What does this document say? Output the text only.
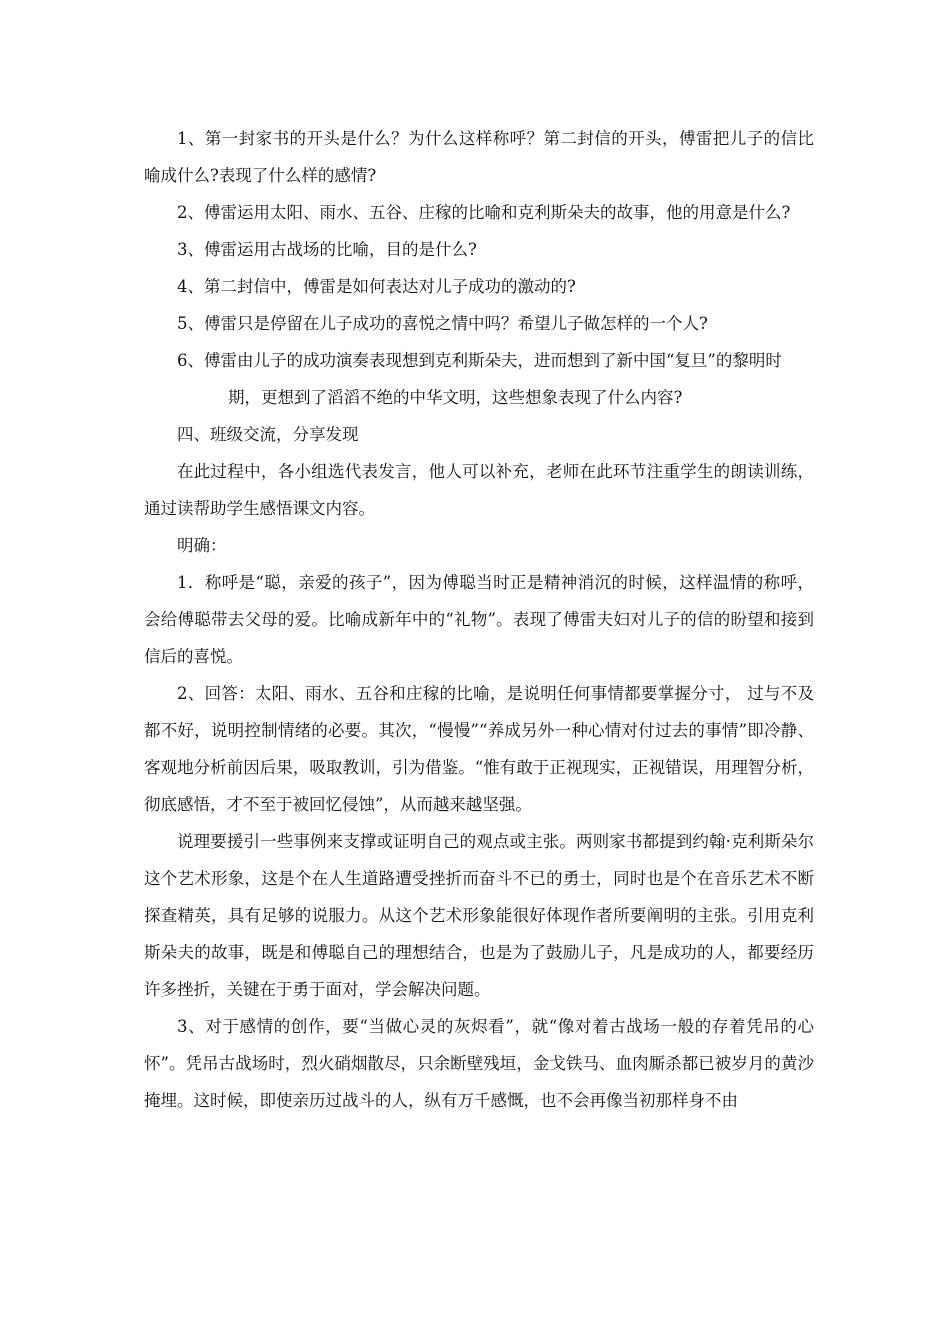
1、第一封家书的开头是什么？为什么这样称呼？第二封信的开头，傅雷把儿子的信比喻成什么?表现了什么样的感情?

2、傅雷运用太阳、雨水、五谷、庄稼的比喻和克利斯朵夫的故事，他的用意是什么?

3、傅雷运用古战场的比喻，目的是什么?

4、第二封信中，傅雷是如何表达对儿子成功的激动的?

5、傅雷只是停留在儿子成功的喜悦之情中吗？希望儿子做怎样的一个人?

6、傅雷由儿子的成功演奏表现想到克利斯朵夫，进而想到了新中国“复旦”的黎明时

期，更想到了滔滔不绝的中华文明，这些想象表现了什么内容?

四、班级交流，分享发现

在此过程中，各小组选代表发言，他人可以补充，老师在此环节注重学生的朗读训练，通过读帮助学生感悟课文内容。

明确：

1．称呼是“聪，亲爱的孩子”，因为傅聪当时正是精神消沉的时候，这样温情的称呼，会给傅聪带去父母的爱。比喻成新年中的“礼物”。表现了傅雷夫妇对儿子的信的盼望和接到信后的喜悦。

2、回答：太阳、雨水、五谷和庄稼的比喻，是说明任何事情都要掌握分寸， 过与不及都不好，说明控制情绪的必要。其次，“慢慢”“养成另外一种心情对付过去的事情”即冷静、客观地分析前因后果，吸取教训，引为借鉴。“惟有敢于正视现实，正视错误，用理智分析，彻底感悟，才不至于被回忆侵蚀”，从而越来越坚强。

说理要援引一些事例来支撑或证明自己的观点或主张。两则家书都提到约翰·克利斯朵尔这个艺术形象，这是个在人生道路遭受挫折而奋斗不已的勇士，同时也是个在音乐艺术不断探查精英，具有足够的说服力。从这个艺术形象能很好体现作者所要阐明的主张。引用克利斯朵夫的故事，既是和傅聪自己的理想结合，也是为了鼓励儿子，凡是成功的人，都要经历许多挫折，关键在于勇于面对，学会解决问题。

3、对于感情的创作，要“当做心灵的灰烬看”，就“像对着古战场一般的存着凭吊的心怀”。凭吊古战场时，烈火硝烟散尽，只余断壁残垣，金戈铁马、血肉厮杀都已被岁月的黄沙掩埋。这时候，即使亲历过战斗的人，纵有万千感慨，也不会再像当初那样身不由
